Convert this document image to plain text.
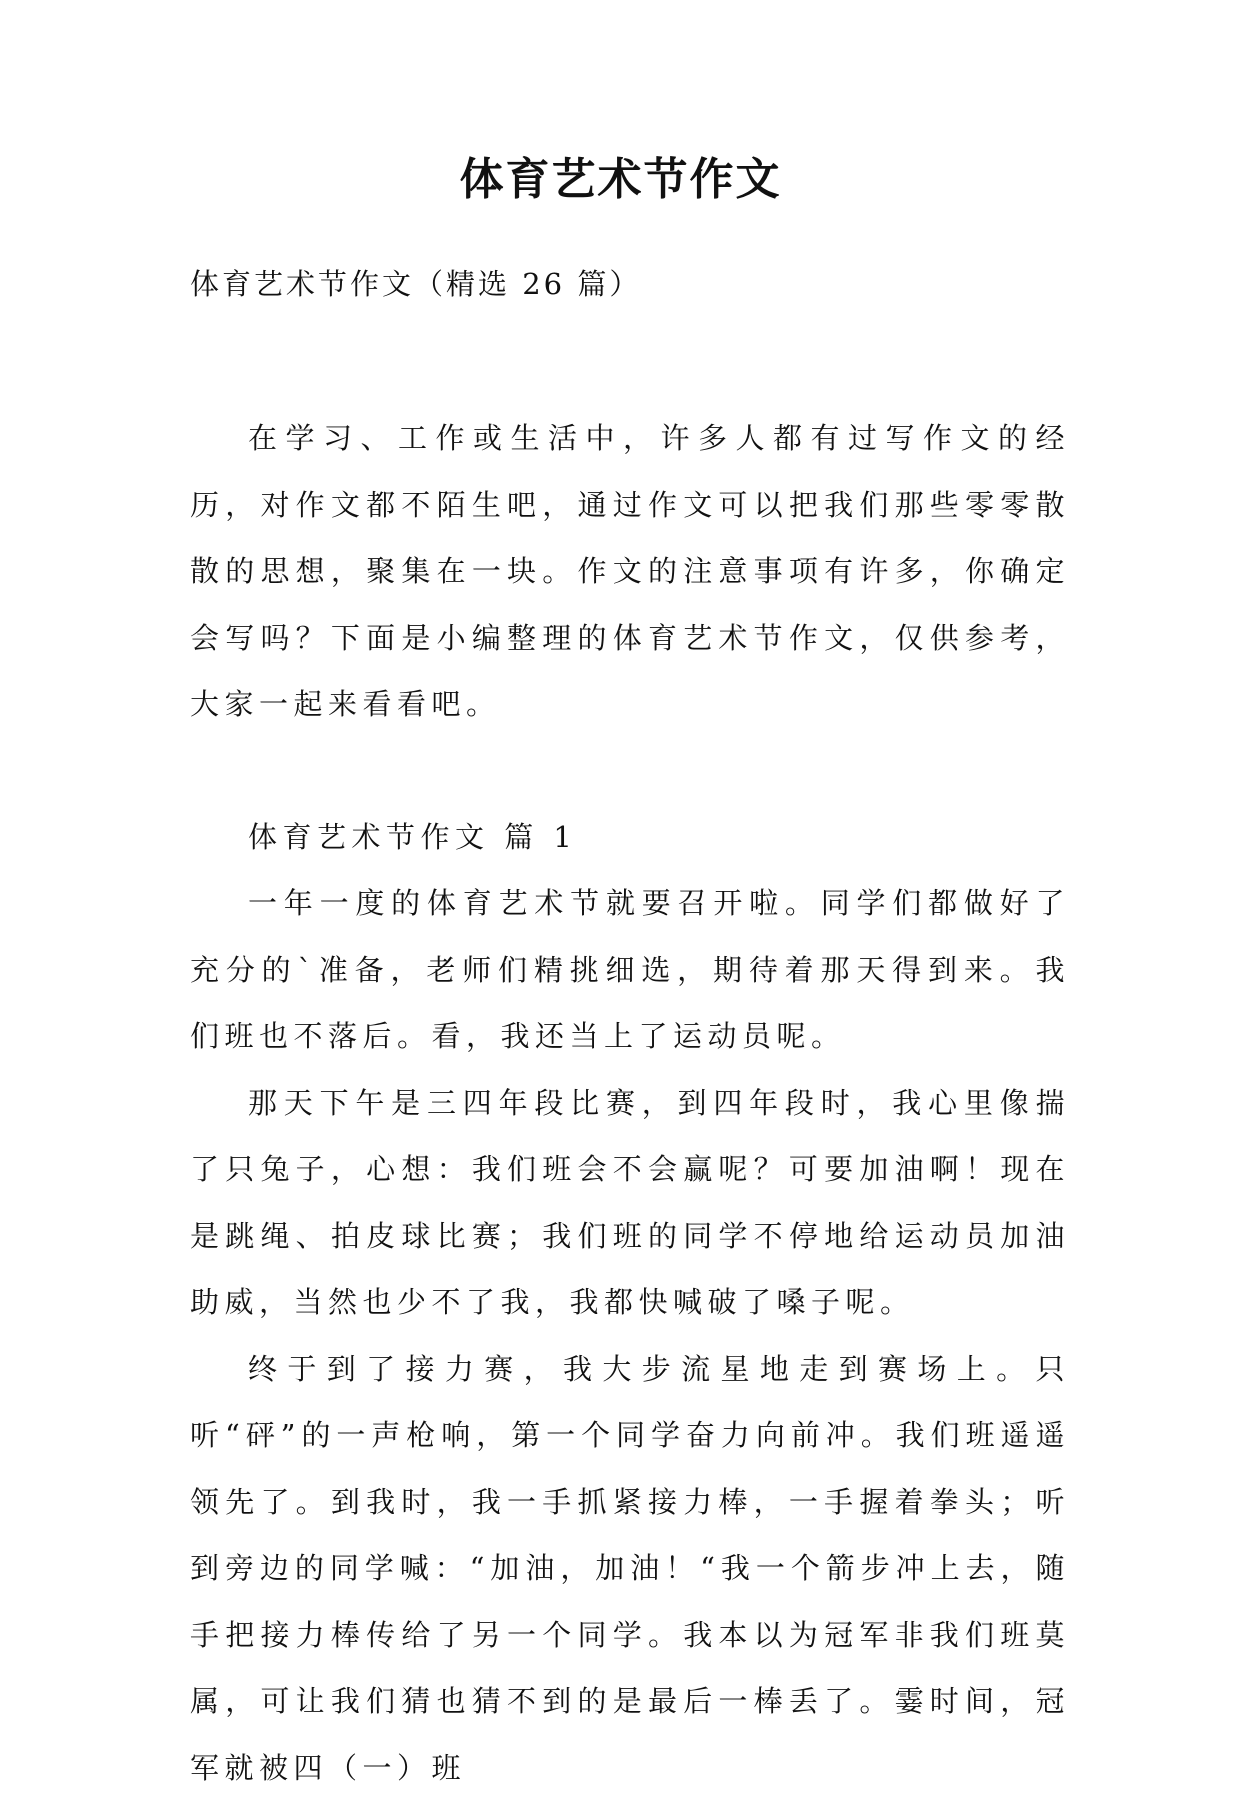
体育艺术节作文

体育艺术节作文（精选 26 篇）

在学习、工作或生活中，许多人都有过写作文的经历，对作文都不陌生吧，通过作文可以把我们那些零零散散的思想，聚集在一块。作文的注意事项有许多，你确定会写吗？下面是小编整理的体育艺术节作文，仅供参考，大家一起来看看吧。

体育艺术节作文 篇 1

一年一度的体育艺术节就要召开啦。同学们都做好了充分的`准备，老师们精挑细选，期待着那天得到来。我们班也不落后。看，我还当上了运动员呢。

那天下午是三四年段比赛，到四年段时，我心里像揣了只兔子，心想：我们班会不会赢呢？可要加油啊！现在是跳绳、拍皮球比赛；我们班的同学不停地给运动员加油助威，当然也少不了我，我都快喊破了嗓子呢。

终于到了接力赛，我大步流星地走到赛场上。只听“砰”的一声枪响，第一个同学奋力向前冲。我们班遥遥领先了。到我时，我一手抓紧接力棒，一手握着拳头；听到旁边的同学喊：“加油，加油！“我一个箭步冲上去，随手把接力棒传给了另一个同学。我本以为冠军非我们班莫属，可让我们猜也猜不到的是最后一棒丢了。霎时间，冠军就被四（一）班
